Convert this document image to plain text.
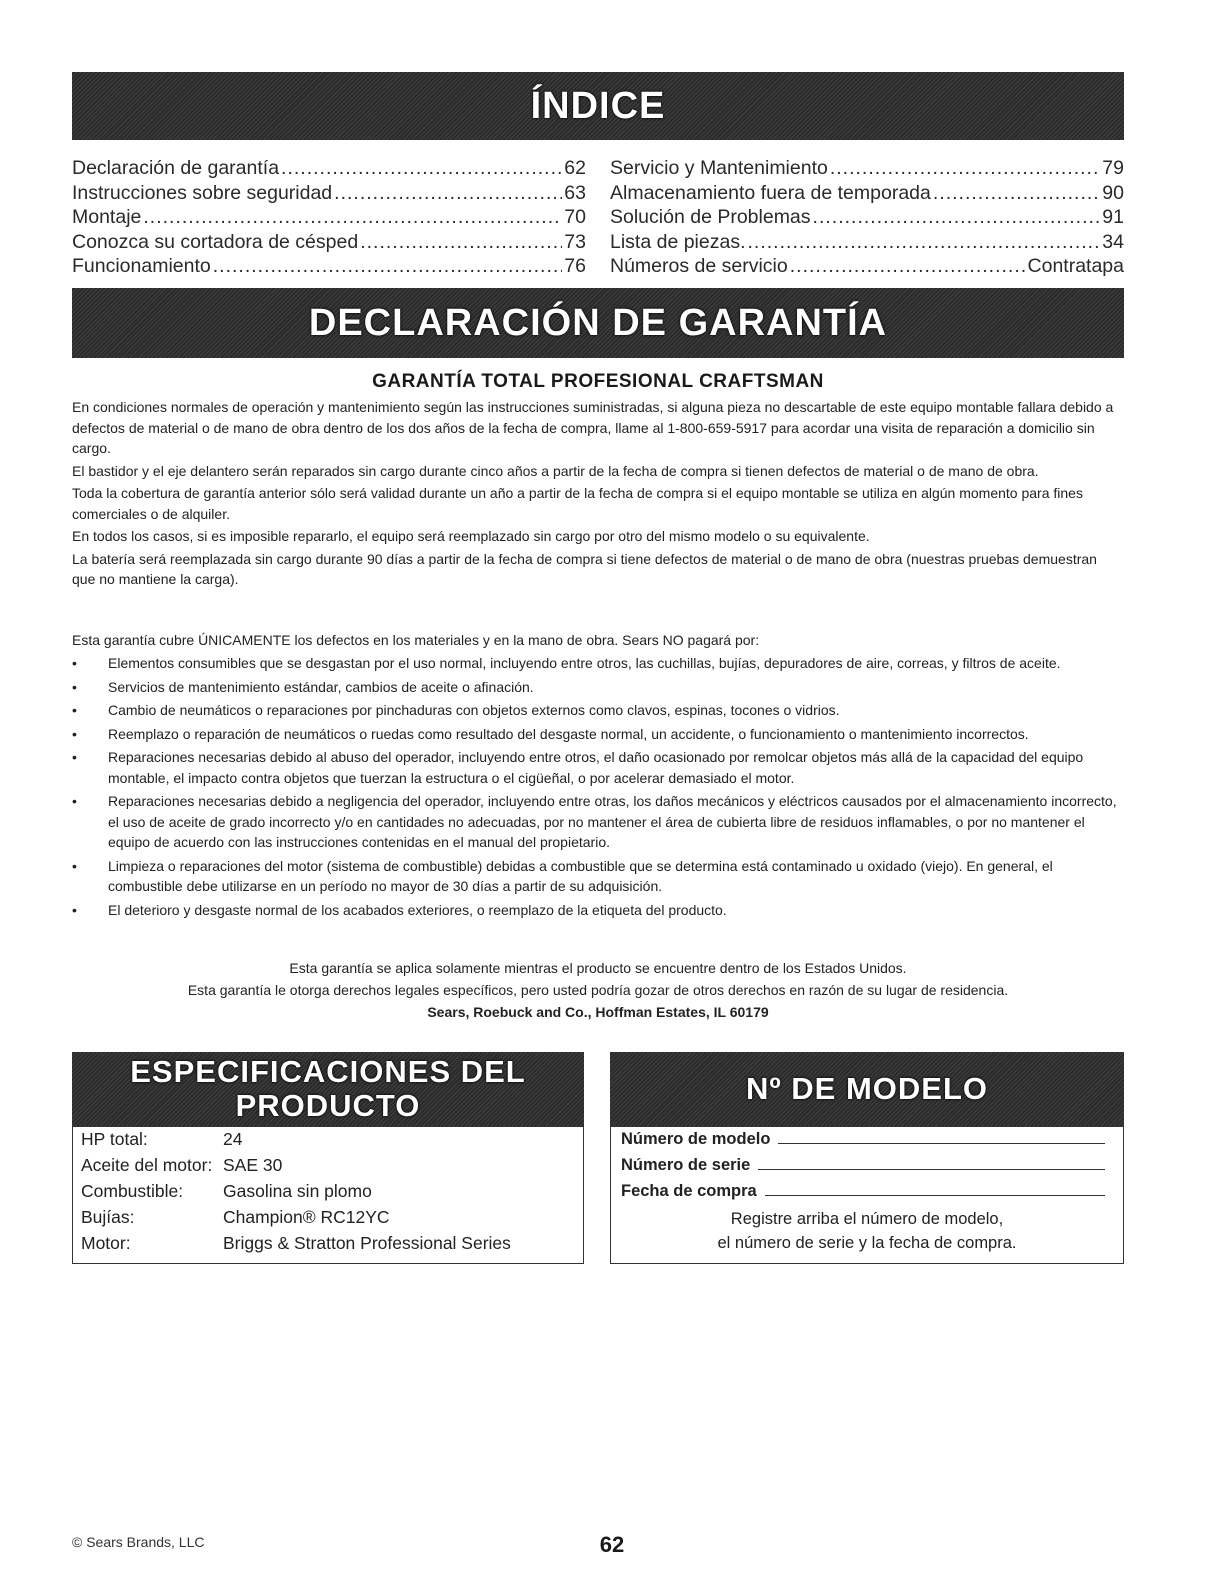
ÍNDICE
Declaración de garantía .....	62
Instrucciones sobre seguridad .....	63
Montaje .....	70
Conozca su cortadora de césped .....	73
Funcionamiento .....	76
Servicio y Mantenimiento .....	79
Almacenamiento fuera de temporada .....	90
Solución de Problemas .....	91
Lista de piezas. .....	34
Números de servicio .....	Contratapa
DECLARACIÓN DE GARANTÍA
GARANTÍA TOTAL PROFESIONAL CRAFTSMAN

En condiciones normales de operación y mantenimiento según las instrucciones suministradas, si alguna pieza no descartable de este equipo montable fallara debido a defectos de material o de mano de obra dentro de los dos años de la fecha de compra, llame al 1-800-659-5917 para acordar una visita de reparación a domicilio sin cargo.

El bastidor y el eje delantero serán reparados sin cargo durante cinco años a partir de la fecha de compra si tienen defectos de material o de mano de obra.

Toda la cobertura de garantía anterior sólo será validad durante un año a partir de la fecha de compra si el equipo montable se utiliza en algún momento para fines comerciales o de alquiler.

En todos los casos, si es imposible repararlo, el equipo será reemplazado sin cargo por otro del mismo modelo o su equivalente.

La batería será reemplazada sin cargo durante 90 días a partir de la fecha de compra si tiene defectos de material o de mano de obra (nuestras pruebas demuestran que no mantiene la carga).

Esta garantía cubre ÚNICAMENTE los defectos en los materiales y en la mano de obra. Sears NO pagará por:
• Elementos consumibles que se desgastan por el uso normal, incluyendo entre otros, las cuchillas, bujías, depuradores de aire, correas, y filtros de aceite.
• Servicios de mantenimiento estándar, cambios de aceite o afinación.
• Cambio de neumáticos o reparaciones por pinchaduras con objetos externos como clavos, espinas, tocones o vidrios.
• Reemplazo o reparación de neumáticos o ruedas como resultado del desgaste normal, un accidente, o funcionamiento o mantenimiento incorrectos.
• Reparaciones necesarias debido al abuso del operador, incluyendo entre otros, el daño ocasionado por remolcar objetos más allá de la capacidad del equipo montable, el impacto contra objetos que tuerzan la estructura o el cigüeñal, o por acelerar demasiado el motor.
• Reparaciones necesarias debido a negligencia del operador, incluyendo entre otras, los daños mecánicos y eléctricos causados por el almacenamiento incorrecto, el uso de aceite de grado incorrecto y/o en cantidades no adecuadas, por no mantener el área de cubierta libre de residuos inflamables, o por no mantener el equipo de acuerdo con las instrucciones contenidas en el manual del propietario.
• Limpieza o reparaciones del motor (sistema de combustible) debidas a combustible que se determina está contaminado u oxidado (viejo). En general, el combustible debe utilizarse en un período no mayor de 30 días a partir de su adquisición.
• El deterioro y desgaste normal de los acabados exteriores, o reemplazo de la etiqueta del producto.
Esta garantía se aplica solamente mientras el producto se encuentre dentro de los Estados Unidos.
Esta garantía le otorga derechos legales específicos, pero usted podría gozar de otros derechos en razón de su lugar de residencia.
Sears, Roebuck and Co., Hoffman Estates, IL 60179
ESPECIFICACIONES DEL
PRODUCTO
HP total:	24
Aceite del motor: SAE 30
Combustible:	Gasolina sin plomo
Bujías:	Champion® RC12YC
Motor:	Briggs & Stratton Professional Series
Nº DE MODELO
Número de modelo
Número de serie
Fecha de compra
Registre arriba el número de modelo,
el número de serie y la fecha de compra.
© Sears Brands, LLC	62
